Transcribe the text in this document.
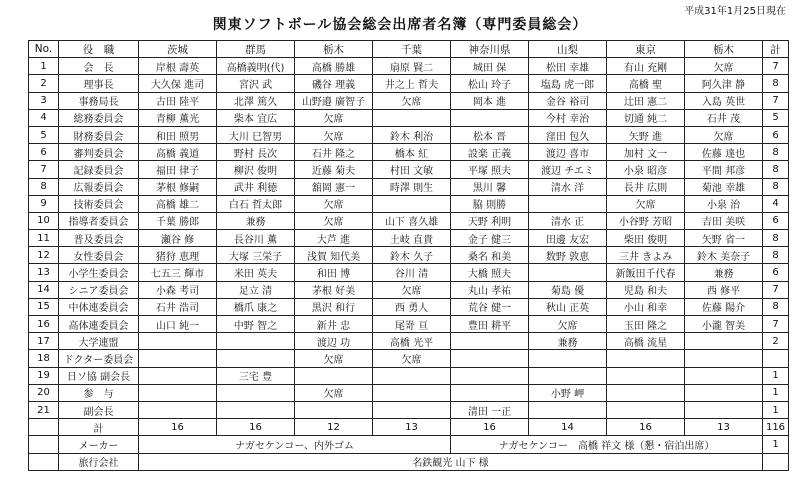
平成31年1月25日現在
関東ソフトボール協会総会出席者名簿（専門委員総会）
No.	役　職	茨城	群馬	栃木	千葉	神奈川県	山梨	東京	栃木	計
1	会　長	岸根 壽英	高橋義明(代)	高橋 勝雄	扇原 賢二	城田 保	松田 幸雄	有山 充剛	欠席	7
2	理事長	大久保 進司	宮沢 武	磯谷 理義	井之上 哲夫	松山 玲子	塩島 虎一郎	高橋 聖	阿久津 静	8
3	事務局長	古田 陸平	北澤 篤久	山野邉 廣智子	欠席	岡本 進	金谷 裕司	辻田 憲二	入島 英世	7
4	総務委員会	青柳 薫光	柴本 宜広	欠席			今村 幸治	切通 純二	石井 茂	5
5	財務委員会	和田 照男	大川 巳智男	欠席	鈴木 利治	松本 晋	窪田 包久	矢野 進	欠席	6
6	審判委員会	高橋 義道	野村 長次	石井 隆之	橋本 紅	設楽 正義	渡辺 喜市	加村 文一	佐藤 達也	8
7	記録委員会	福田 律子	柳沢 俊明	近藤 菊夫	村田 文敏	平塚 照夫	渡辺 チエミ	小泉 昭彦	平間 邦彦	8
8	広報委員会	茅根 修嗣	武井 利徳	舘岡 憲一	時澤 則生	黒川 馨	清水 洋	長井 広則	菊池 幸雄	8
9	技術委員会	高橋 雄二	白石 哲太郎	欠席		脇 則勝		欠席	小泉 治	4
10	指導者委員会	千葉 勝郎	兼務	欠席	山下 喜久雄	天野 利明	清水 正	小谷野 芳昭	吉田 美咲	6
11	普及委員会	瀬谷 修	長谷川 薫	大芦 進	土岐 直貴	金子 健三	田邊 友宏	柴田 俊明	矢野 省一	8
12	女性委員会	猪狩 恵理	大塚 三栄子	浅賀 知代美	鈴木 久子	桑名 和美	数野 敦恵	三井 きよみ	鈴木 美奈子	8
13	小学生委員会	七五三 輝市	米田 英夫	和田 博	谷川 清	大橋 照夫		新飯田千代春	兼務	6
14	シニア委員会	小森 考司	足立 清	茅根 好美	欠席	丸山 孝祐	菊島 優	児島 和夫	西 修平	7
15	中体連委員会	石井 浩司	橋爪 康之	黒沢 和行	西 勇人	荒谷 健一	秋山 正英	小山 和幸	佐藤 陽介	8
16	高体連委員会	山口 純一	中野 智之	新井 忠	尾嵜 亘	豊田 耕平	欠席	玉田 隆之	小瀧 智美	7
17	大学連盟			渡辺 功	高橋 光平		兼務	高橋 流星		2
18	ドクター委員会			欠席	欠席					
19	日ソ協 副会長		三宅 豊							1
20	参　与			欠席			小野 岬			1
21	副会長					清田 一正				1
	計	16	16	12	13	16	14	16	13	116
	メーカー	ナガセケンコー、内外ゴム				ナガセケンコー　高橋 祥文 様（懇・宿泊出席）				1
	旅行会社	名鉄観光 山下 様								
